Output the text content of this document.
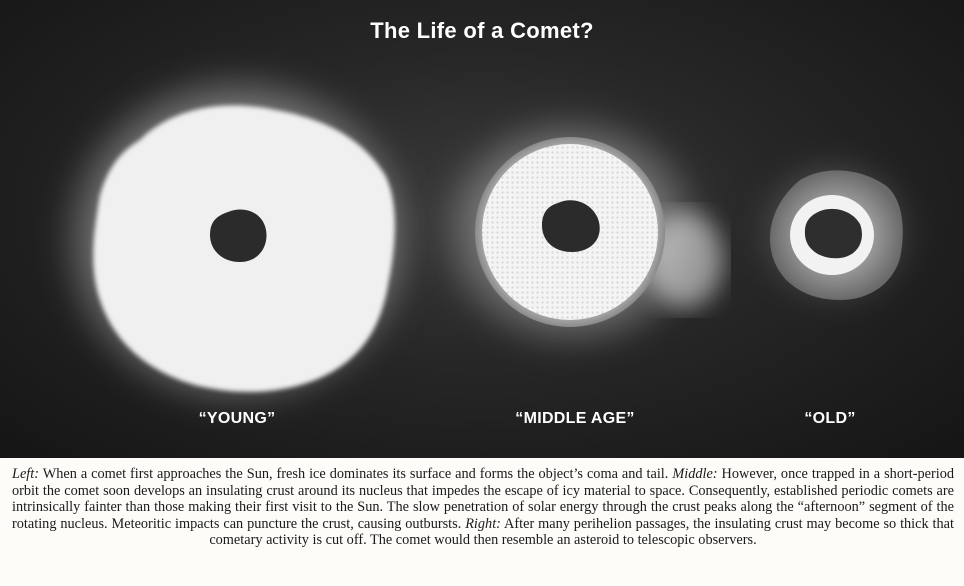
The Life of a Comet?
“YOUNG”	“MIDDLE AGE”	“OLD”
Left: When a comet first approaches the Sun, fresh ice dominates its surface and forms the object’s coma and tail. Middle: However, once trapped in a short-period orbit the comet soon develops an insulating crust around its nucleus that impedes the escape of icy material to space. Consequently, established periodic comets are intrinsically fainter than those making their first visit to the Sun. The slow penetration of solar energy through the crust peaks along the “afternoon” segment of the rotating nucleus. Meteoritic impacts can puncture the crust, causing outbursts. Right: After many perihelion passages, the insulating crust may become so thick that cometary activity is cut off. The comet would then resemble an asteroid to telescopic observers.
